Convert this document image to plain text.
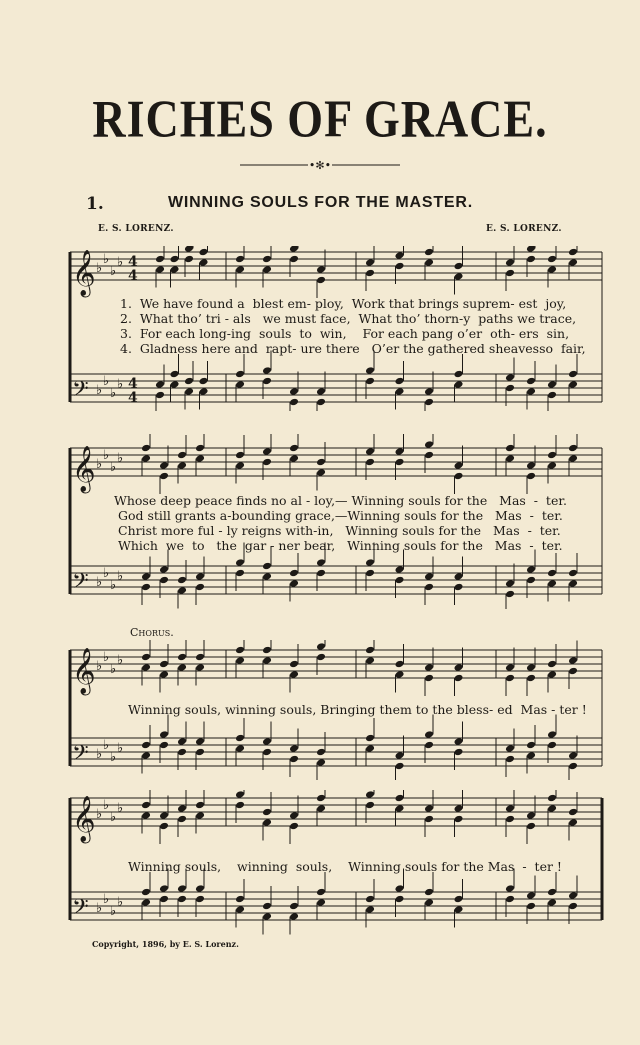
RICHES OF GRACE.
•✻•
1.	WINNING SOULS FOR THE MASTER.
E. S. LORENZ.	E. S. LORENZ.
𝄞 ♭
♭
♭
♭ 4
4
𝄢 ♭
♭
♭
♭ 4
4
1.  We have found a  blest em- ploy,  Work that brings suprem- est  joy,
2.  What tho’ tri - als   we must face,  What tho’ thorn-y  paths we trace,
3.  For each long-ing  souls  to  win,    For each pang o’er  oth- ers  sin,
4.  Gladness here and  rapt- ure there   O’er the gathered sheavesso  fair,
𝄞 ♭
♭
♭
♭
𝄢 ♭
♭
♭
♭
Whose deep peace finds no al - loy,— Winning souls for the   Mas  -  ter.
God still grants a-bounding grace,—Winning souls for the   Mas  -  ter.
Christ more ful - ly reigns with-in,   Winning souls for the   Mas  -  ter.
Which  we  to   the  gar - ner bear,   Winning souls for the   Mas  -  ter.
Chorus.
𝄞 ♭
♭
♭
♭
𝄢 ♭
♭
♭
♭
Winning souls, winning souls, Bringing them to the bless- ed  Mas - ter !
𝄞 ♭
♭
♭
♭
𝄢 ♭
♭
♭
♭
Winning souls,    winning  souls,    Winning souls for the Mas  -  ter !
Copyright, 1896, by E. S. Lorenz.
